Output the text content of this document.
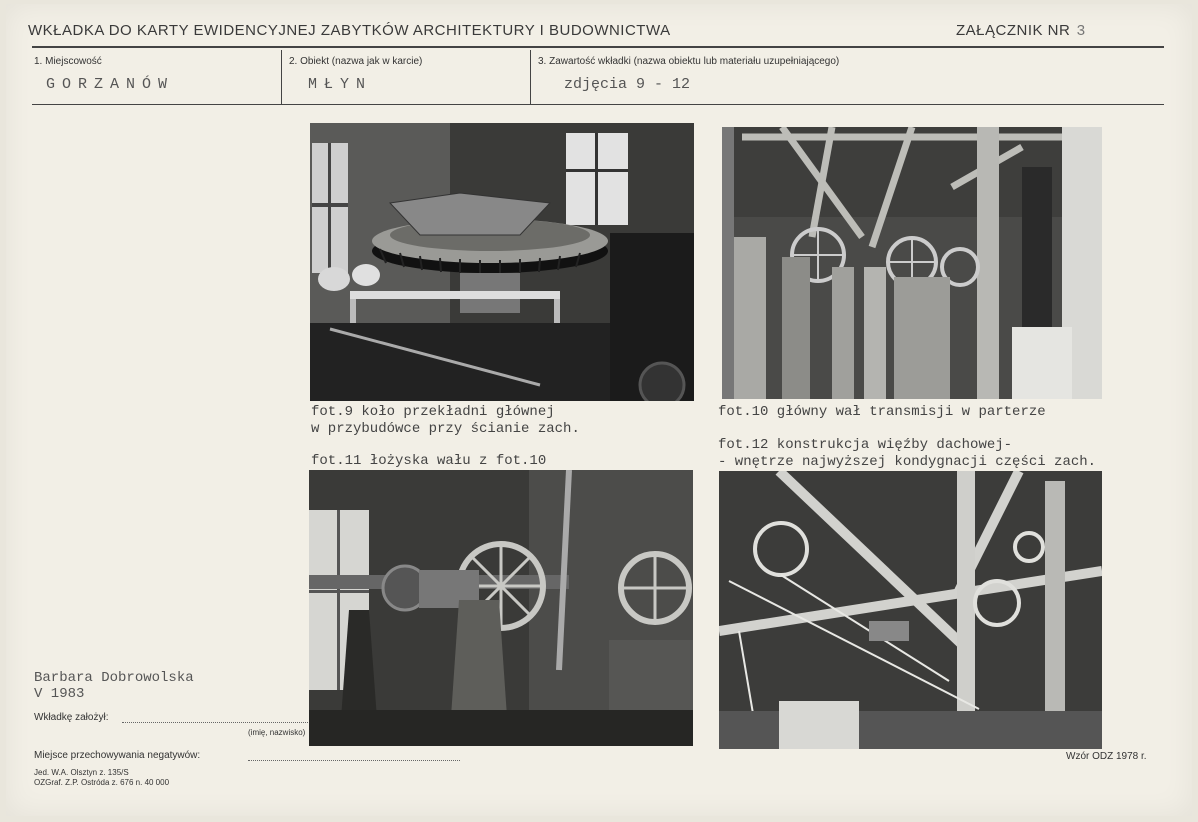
WKŁADKA DO KARTY EWIDENCYJNEJ ZABYTKÓW ARCHITEKTURY I BUDOWNICTWA	ZAŁĄCZNIK NR 3
1. Miejscowość
GORZANÓW
2. Obiekt (nazwa jak w karcie)
MŁYN
3. Zawartość wkładki (nazwa obiektu lub materiału uzupełniającego)
zdjęcia 9 - 12
fot.9 koło przekładni głównej
w przybudówce przy ścianie zach.
fot.10 główny wał transmisji w parterze
fot.11 łożyska wału z fot.10
fot.12 konstrukcja więźby dachowej-
- wnętrze najwyższej kondygnacji części zach.
Barbara Dobrowolska
V 1983
Wkładkę założył:
(imię, nazwisko)
Miejsce przechowywania negatywów:
Jed. W.A. Olsztyn z. 135/S
OZGraf. Z.P. Ostróda z. 676 n. 40 000
Wzór ODZ 1978 r.
